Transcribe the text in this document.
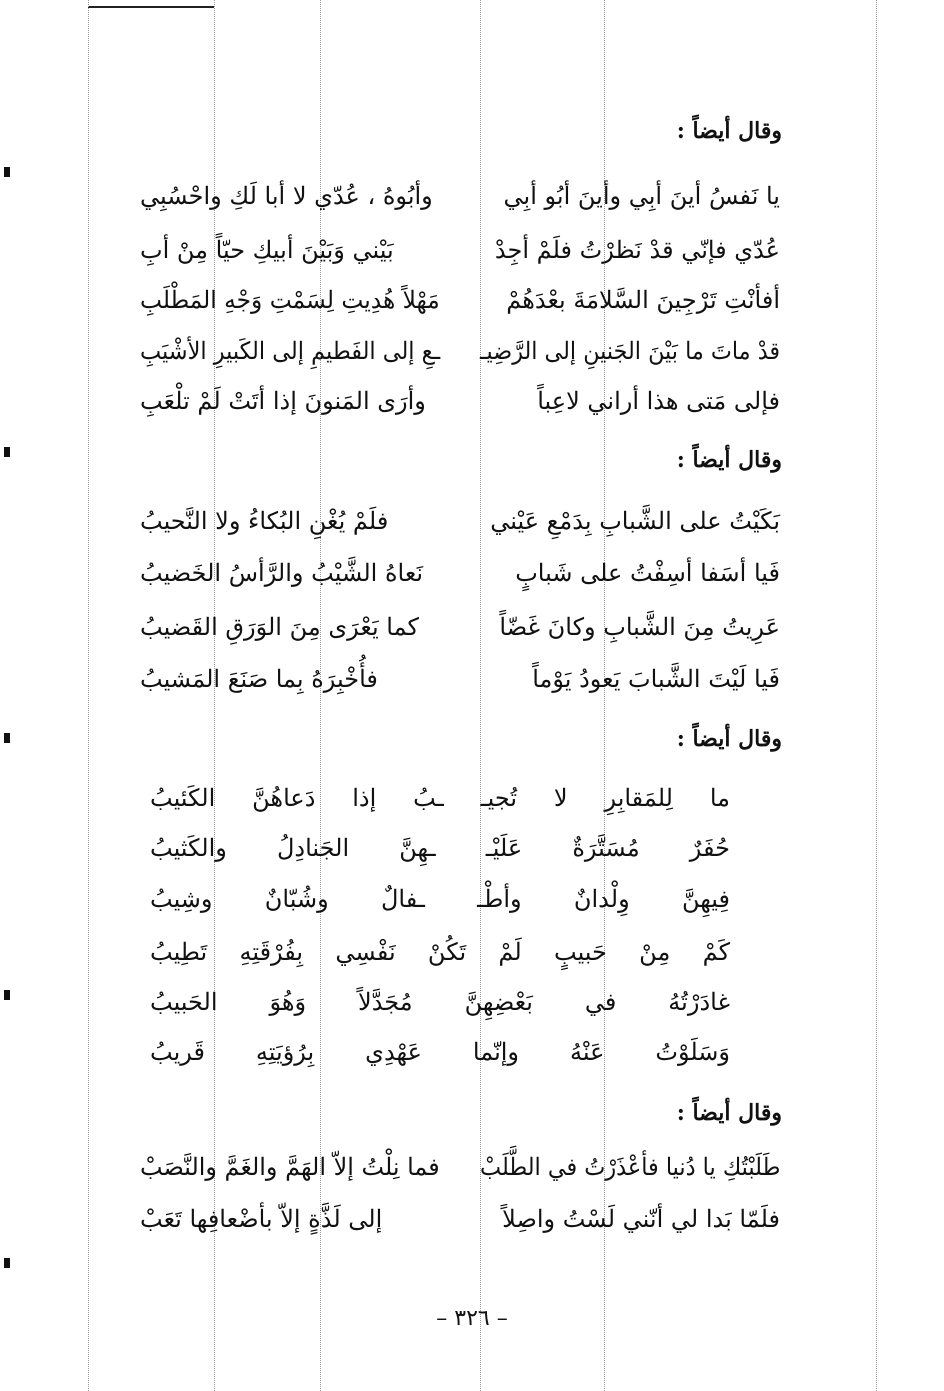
وقال أيضاً :
يا نَفسُ أينَ أبِي وأينَ أبُو أبِي
وأبُوهُ ، عُدّي لا أبا لَكِ واحْسُبِي
عُدّي فإنّي قدْ نَظرْتُ فلَمْ أجِدْ
بَيْني وَبَيْنَ أبيكِ حيّاً مِنْ أبِ
أفأنْتِ تَرْجِينَ السَّلامَةَ بعْدَهُمْ
مَهْلاً هُدِيتِ لِسَمْتِ وَجْهِ المَطْلَبِ
قدْ ماتَ ما بَيْنَ الجَنينِ إلى الرَّضِيـ
ـعِ إلى الفَطيمِ إلى الكَبيرِ الأشْيَبِ
فإلى مَتى هذا أراني لاعِباً
وأرَى المَنونَ إذا أتَتْ لَمْ تلْعَبِ
وقال أيضاً :
بَكَيْتُ على الشَّبابِ بِدَمْعِ عَيْني
فلَمْ يُغْنِ البُكاءُ ولا النَّحيبُ
فَيا أسَفا أسِفْتُ على شَبابٍ
نَعاهُ الشَّيْبُ والرَّأسُ الخَضيبُ
عَرِيتُ مِنَ الشَّبابِ وكانَ غَضّاً
كما يَعْرَى مِنَ الوَرَقِ القَضيبُ
فَيا لَيْتَ الشَّبابَ يَعودُ يَوْماً
فأُخْبِرَهُ بِما صَنَعَ المَشيبُ
وقال أيضاً :
ما لِلمَقابِرِ لا تُجيـ ـبُ إذا دَعاهُنَّ الكَئيبُ
حُفَرٌ مُسَتَّرَةٌ عَلَيْـ ـهِنَّ الجَنادِلُ والكَثيبُ
فِيهِنَّ وِلْدانٌ وأطْـ ـفالٌ وشُبّانٌ وشِيبُ
كَمْ مِنْ حَبيبٍ لَمْ تَكُنْ نَفْسِي بِفُرْقَتِهِ تَطِيبُ
غادَرْتُهُ في بَعْضِهِنَّ مُجَدَّلاً وَهُوَ الحَبيبُ
وَسَلَوْتُ عَنْهُ وإنّما عَهْدِي بِرُؤيَتِهِ قَريبُ
وقال أيضاً :
طَلَبْتُكِ يا دُنيا فأعْذَرْتُ في الطَّلَبْ
فما نِلْتُ إلاّ الهَمَّ والغَمَّ والنَّصَبْ
فلَمّا بَدا لي أنّني لَسْتُ واصِلاً
إلى لَذَّةٍ إلاّ بأضْعافِها تَعَبْ
– ٣٢٦ –
